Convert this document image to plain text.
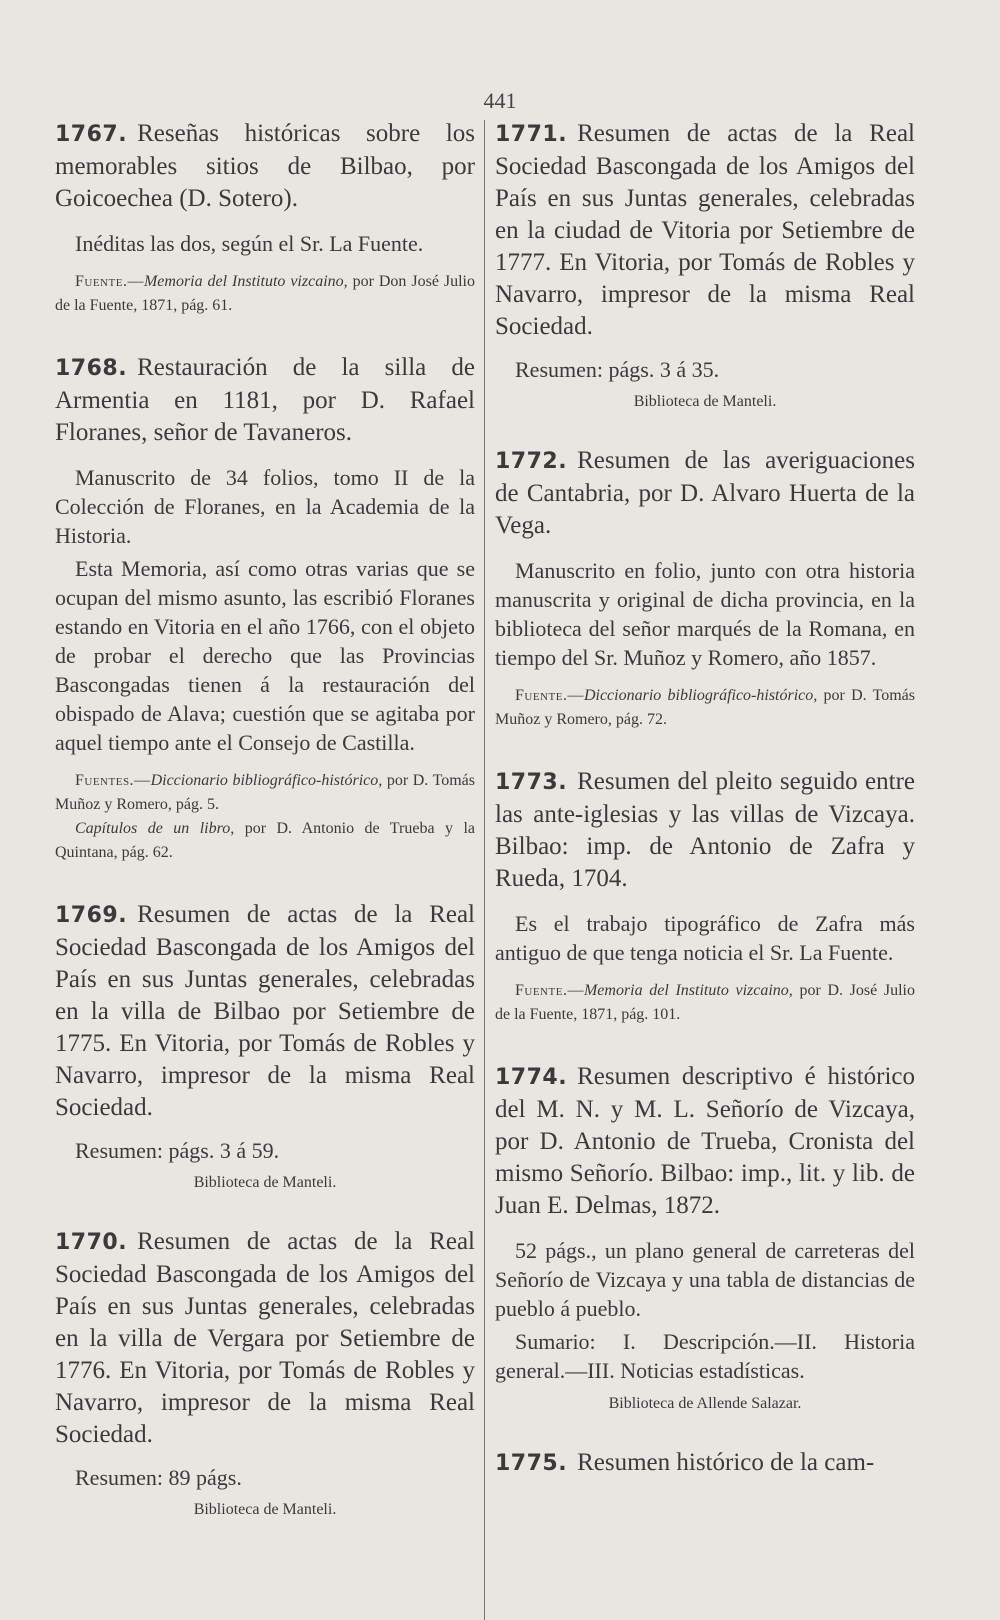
441

1767. Reseñas históricas sobre los memorables sitios de Bilbao, por Goicoechea (D. Sotero).

Inéditas las dos, según el Sr. La Fuente.

Fuente.—Memoria del Instituto vizcaino, por Don José Julio de la Fuente, 1871, pág. 61.

1768. Restauración de la silla de Armentia en 1181, por D. Rafael Floranes, señor de Tavaneros.

Manuscrito de 34 folios, tomo II de la Colección de Floranes, en la Academia de la Historia.

Esta Memoria, así como otras varias que se ocupan del mismo asunto, las escribió Floranes estando en Vitoria en el año 1766, con el objeto de probar el derecho que las Provincias Bascongadas tienen á la restauración del obispado de Alava; cuestión que se agitaba por aquel tiempo ante el Consejo de Castilla.

Fuentes.—Diccionario bibliográfico-histórico, por D. Tomás Muñoz y Romero, pág. 5.

Capítulos de un libro, por D. Antonio de Trueba y la Quintana, pág. 62.

1769. Resumen de actas de la Real Sociedad Bascongada de los Amigos del País en sus Juntas generales, celebradas en la villa de Bilbao por Setiembre de 1775. En Vitoria, por Tomás de Robles y Navarro, impresor de la misma Real Sociedad.

Resumen: págs. 3 á 59.

Biblioteca de Manteli.

1770. Resumen de actas de la Real Sociedad Bascongada de los Amigos del País en sus Juntas generales, celebradas en la villa de Vergara por Setiembre de 1776. En Vitoria, por Tomás de Robles y Navarro, impresor de la misma Real Sociedad.

Resumen: 89 págs.

Biblioteca de Manteli.

1771. Resumen de actas de la Real Sociedad Bascongada de los Amigos del País en sus Juntas generales, celebradas en la ciudad de Vitoria por Setiembre de 1777. En Vitoria, por Tomás de Robles y Navarro, impresor de la misma Real Sociedad.

Resumen: págs. 3 á 35.

Biblioteca de Manteli.

1772. Resumen de las averiguaciones de Cantabria, por D. Alvaro Huerta de la Vega.

Manuscrito en folio, junto con otra historia manuscrita y original de dicha provincia, en la biblioteca del señor marqués de la Romana, en tiempo del Sr. Muñoz y Romero, año 1857.

Fuente.—Diccionario bibliográfico-histórico, por D. Tomás Muñoz y Romero, pág. 72.

1773. Resumen del pleito seguido entre las ante-iglesias y las villas de Vizcaya. Bilbao: imp. de Antonio de Zafra y Rueda, 1704.

Es el trabajo tipográfico de Zafra más antiguo de que tenga noticia el Sr. La Fuente.

Fuente.—Memoria del Instituto vizcaino, por D. José Julio de la Fuente, 1871, pág. 101.

1774. Resumen descriptivo é histórico del M. N. y M. L. Señorío de Vizcaya, por D. Antonio de Trueba, Cronista del mismo Señorío. Bilbao: imp., lit. y lib. de Juan E. Delmas, 1872.

52 págs., un plano general de carreteras del Señorío de Vizcaya y una tabla de distancias de pueblo á pueblo.

Sumario: I. Descripción.—II. Historia general.—III. Noticias estadísticas.

Biblioteca de Allende Salazar.

1775. Resumen histórico de la cam-
